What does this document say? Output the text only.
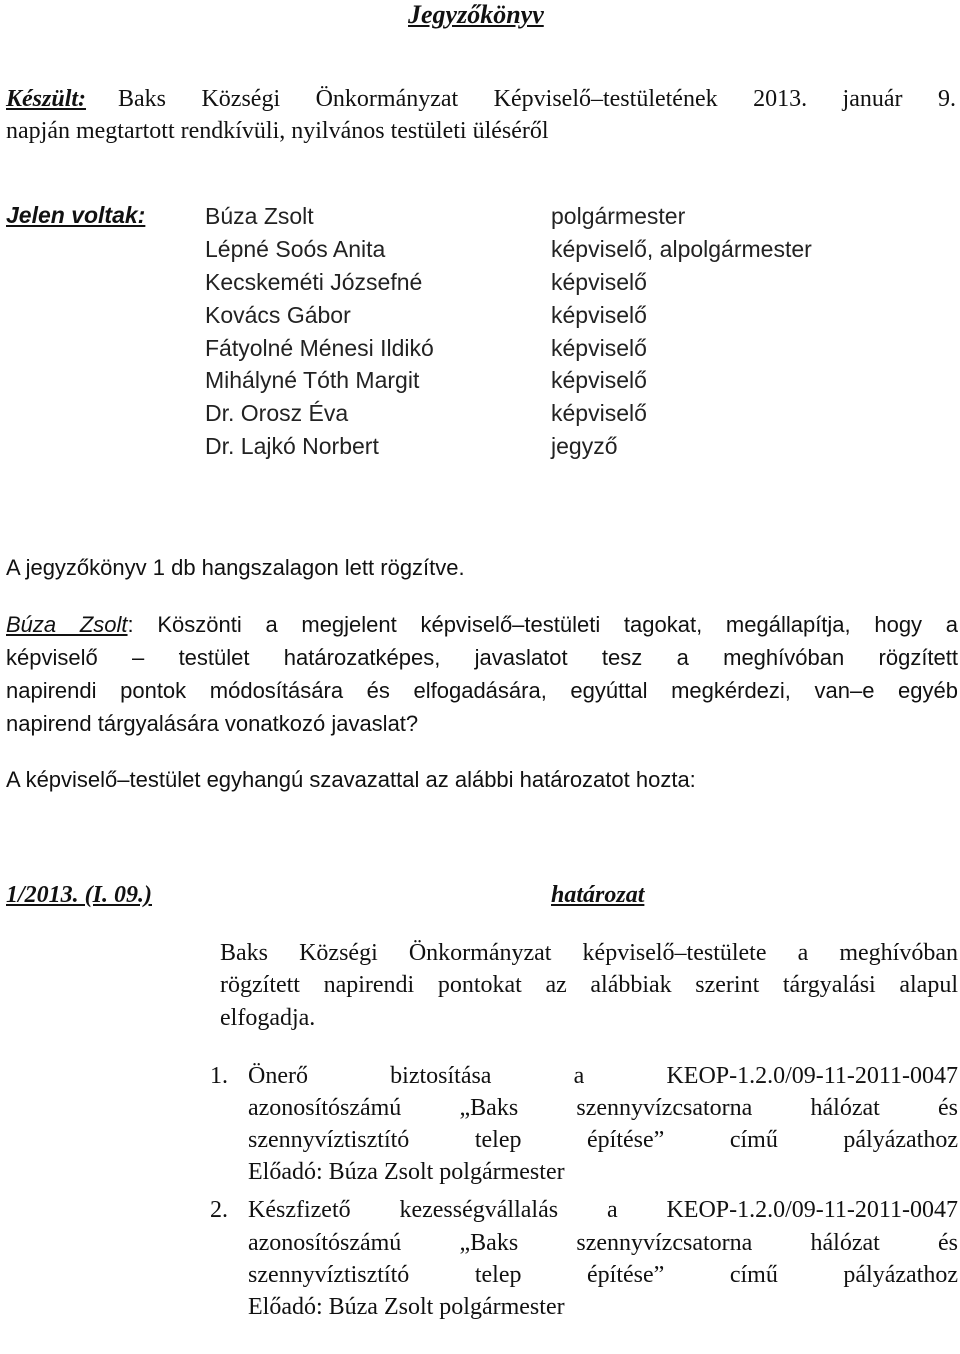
Jegyzőkönyv
Készült: Baks Községi Önkormányzat Képviselő–testületének 2013. január 9.
napján megtartott rendkívüli, nyilvános testületi üléséről
Jelen voltak:	Búza Zsolt	polgármester
Lépné Soós Anita	képviselő, alpolgármester
Kecskeméti Józsefné	képviselő
Kovács Gábor	képviselő
Fátyolné Ménesi Ildikó	képviselő
Mihályné Tóth Margit	képviselő
Dr. Orosz Éva	képviselő
Dr. Lajkó Norbert	jegyző
A jegyzőkönyv 1 db hangszalagon lett rögzítve.
Búza Zsolt: Köszönti a megjelent képviselő–testületi tagokat, megállapítja, hogy a
képviselő – testület határozatképes, javaslatot tesz a meghívóban rögzített
napirendi pontok módosítására és elfogadására, egyúttal megkérdezi, van–e egyéb
napirend tárgyalására vonatkozó javaslat?
A képviselő–testület egyhangú szavazattal az alábbi határozatot hozta:
1/2013. (I. 09.)	határozat
Baks Községi Önkormányzat képviselő–testülete a meghívóban
rögzített napirendi pontokat az alábbiak szerint tárgyalási alapul
elfogadja.
1. Önerő biztosítása a KEOP-1.2.0/09-11-2011-0047
azonosítószámú „Baks szennyvízcsatorna hálózat és
szennyvíztisztító telep építése” című pályázathoz
Előadó: Búza Zsolt polgármester
2. Készfizető kezességvállalás a KEOP-1.2.0/09-11-2011-0047
azonosítószámú „Baks szennyvízcsatorna hálózat és
szennyvíztisztító telep építése” című pályázathoz
Előadó: Búza Zsolt polgármester
